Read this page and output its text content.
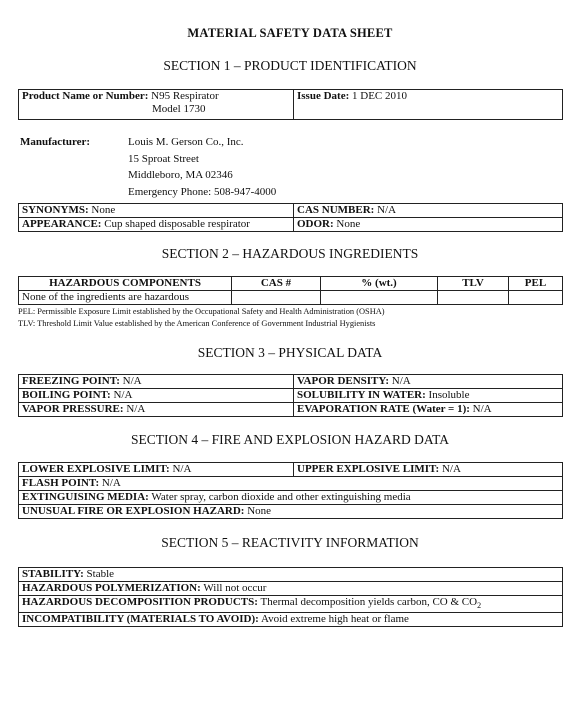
MATERIAL SAFETY DATA SHEET
SECTION 1 – PRODUCT IDENTIFICATION
Product Name or Number: N95 Respirator
Model 1730	Issue Date: 1 DEC 2010
Manufacturer:	Louis M. Gerson Co., Inc.
15 Sproat Street
Middleboro, MA 02346
Emergency Phone: 508-947-4000
SYNONYMS: None	CAS NUMBER: N/A
APPEARANCE: Cup shaped disposable respirator	ODOR: None
SECTION 2 – HAZARDOUS INGREDIENTS
HAZARDOUS COMPONENTS	CAS #	% (wt.)	TLV	PEL
None of the ingredients are hazardous				
PEL: Permissible Exposure Limit established by the Occupational Safety and Health Administration (OSHA)
TLV: Threshold Limit Value established by the American Conference of Government Industrial Hygienists
SECTION 3 – PHYSICAL DATA
FREEZING POINT: N/A	VAPOR DENSITY: N/A
BOILING POINT: N/A	SOLUBILITY IN WATER: Insoluble
VAPOR PRESSURE: N/A	EVAPORATION RATE (Water = 1): N/A
SECTION 4 – FIRE AND EXPLOSION HAZARD DATA
LOWER EXPLOSIVE LIMIT: N/A	UPPER EXPLOSIVE LIMIT: N/A
FLASH POINT: N/A
EXTINGUISING MEDIA: Water spray, carbon dioxide and other extinguishing media
UNUSUAL FIRE OR EXPLOSION HAZARD: None
SECTION 5 – REACTIVITY INFORMATION
STABILITY: Stable
HAZARDOUS POLYMERIZATION: Will not occur
HAZARDOUS DECOMPOSITION PRODUCTS: Thermal decomposition yields carbon, CO & $CO_2$
INCOMPATIBILITY (MATERIALS TO AVOID): Avoid extreme high heat or flame
